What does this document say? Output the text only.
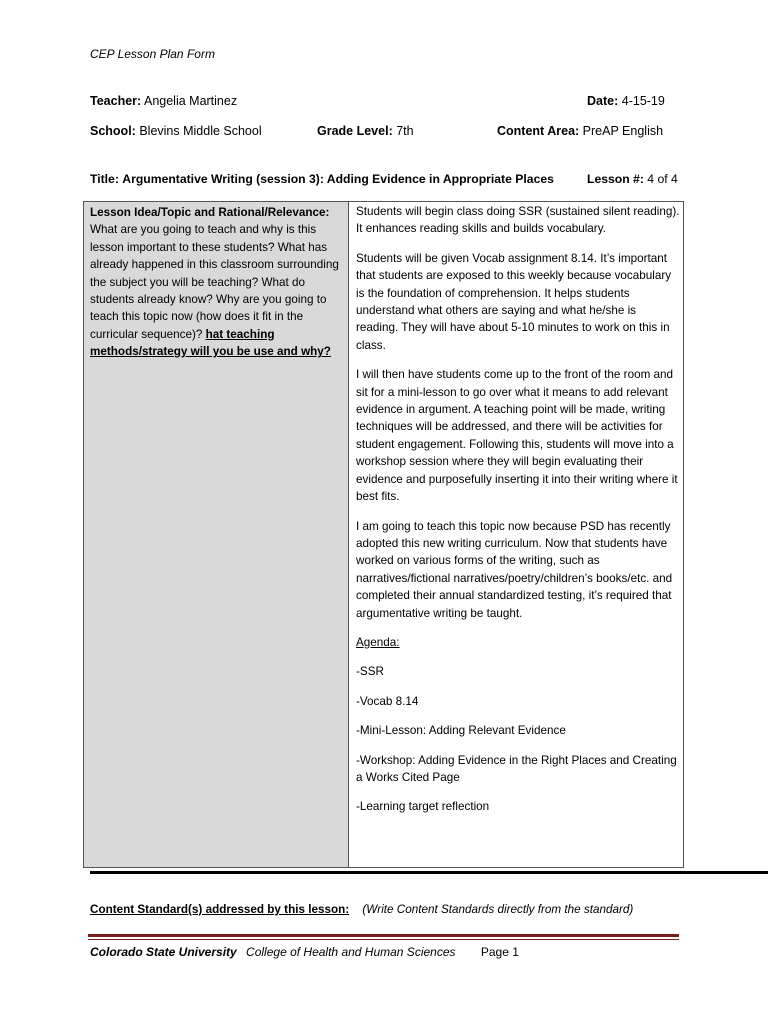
CEP Lesson Plan Form
Teacher: Angelia Martinez	Date: 4-15-19
School: Blevins Middle School	Grade Level: 7th	Content Area: PreAP English
Title: Argumentative Writing (session 3): Adding Evidence in Appropriate Places	Lesson #: 4 of 4
Lesson Idea/Topic and Rational/Relevance: What are you going to teach and why is this lesson important to these students? What has already happened in this classroom surrounding the subject you will be teaching? What do students already know? Why are you going to teach this topic now (how does it fit in the curricular sequence)? hat teaching methods/strategy will you be use and why?

Students will begin class doing SSR (sustained silent reading). It enhances reading skills and builds vocabulary.

Students will be given Vocab assignment 8.14. It’s important that students are exposed to this weekly because vocabulary is the foundation of comprehension. It helps students understand what others are saying and what he/she is reading. They will have about 5-10 minutes to work on this in class.

I will then have students come up to the front of the room and sit for a mini-lesson to go over what it means to add relevant evidence in argument. A teaching point will be made, writing techniques will be addressed, and there will be activities for student engagement. Following this, students will move into a workshop session where they will begin evaluating their evidence and purposefully inserting it into their writing where it best fits.

I am going to teach this topic now because PSD has recently adopted this new writing curriculum. Now that students have worked on various forms of the writing, such as narratives/fictional narratives/poetry/children’s books/etc. and completed their annual standardized testing, it’s required that argumentative writing be taught.

Agenda:

-SSR

-Vocab 8.14

-Mini-Lesson: Adding Relevant Evidence

-Workshop: Adding Evidence in the Right Places and Creating a Works Cited Page

-Learning target reflection

Content Standard(s) addressed by this lesson: (Write Content Standards directly from the standard)
Colorado State University College of Health and Human Sciences Page 1
